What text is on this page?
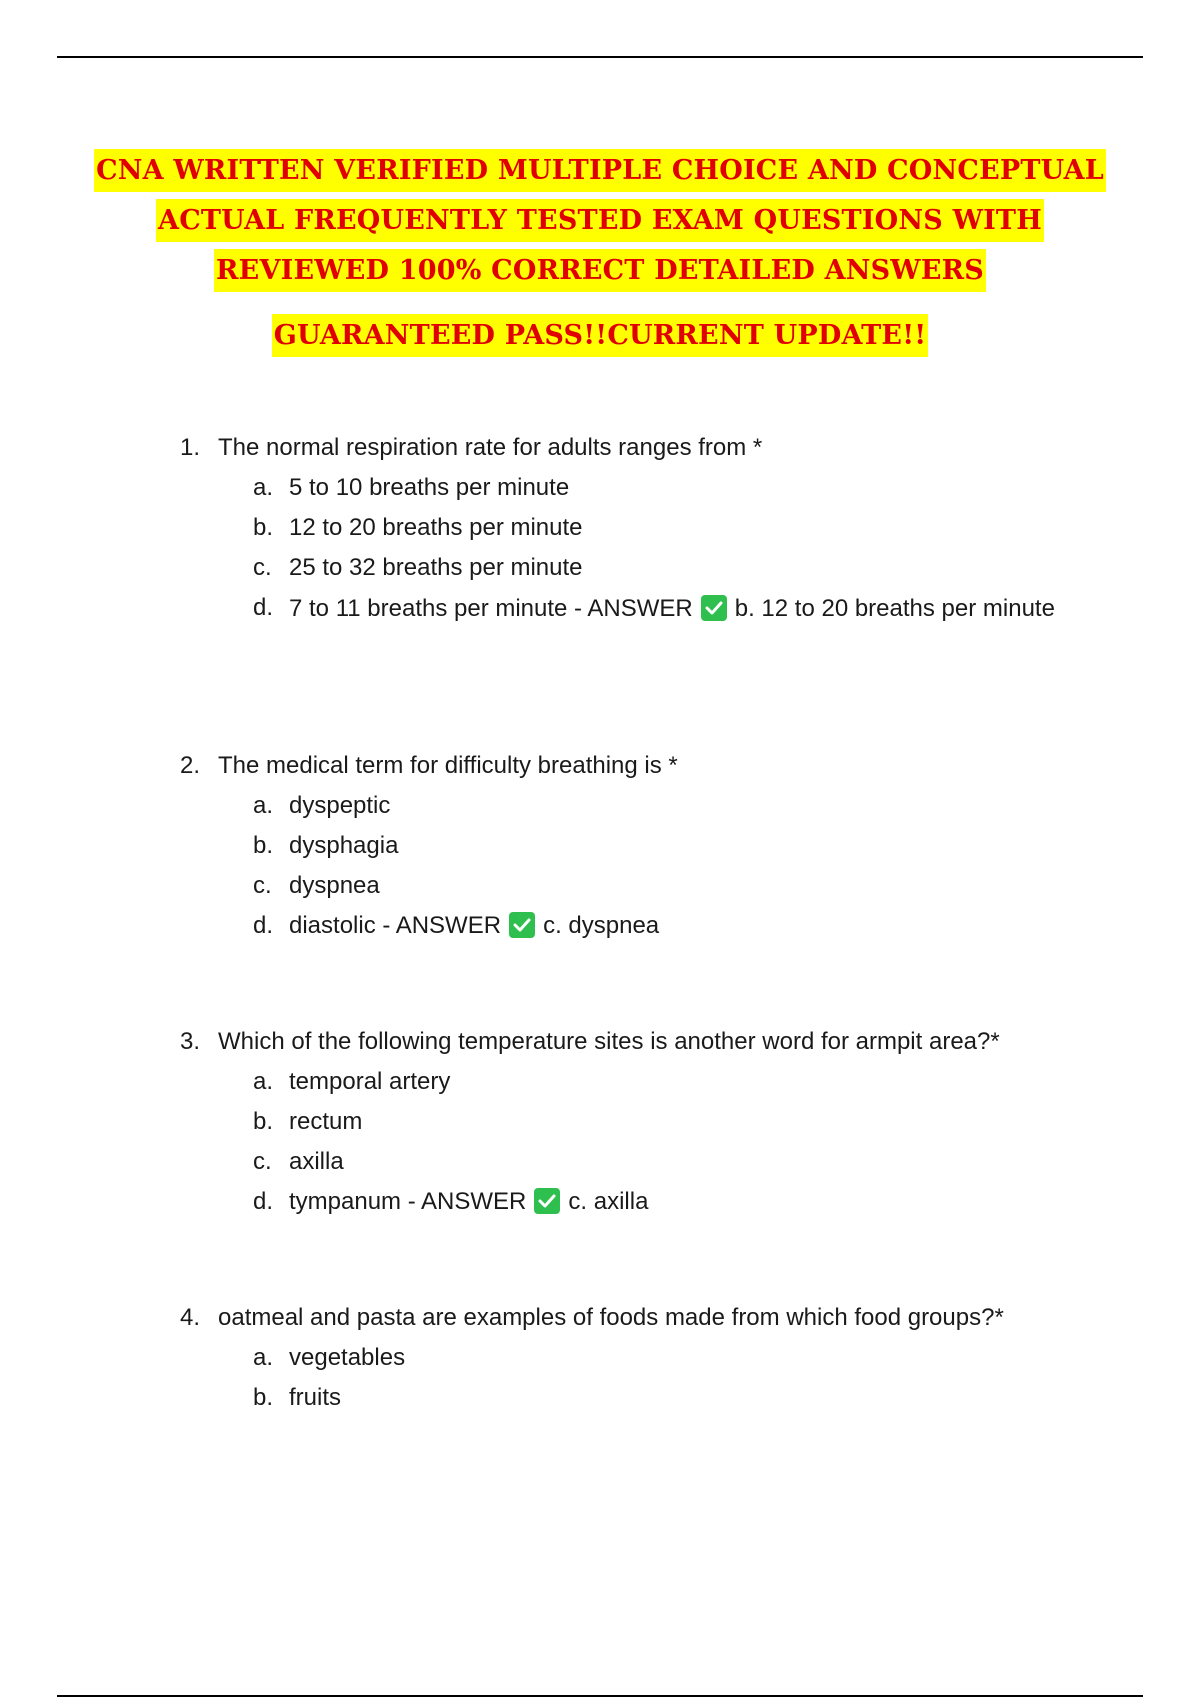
CNA WRITTEN VERIFIED MULTIPLE CHOICE AND CONCEPTUAL

ACTUAL FREQUENTLY TESTED EXAM QUESTIONS WITH

REVIEWED 100% CORRECT DETAILED ANSWERS

GUARANTEED PASS!!CURRENT UPDATE!!

1. The normal respiration rate for adults ranges from *
a. 5 to 10 breaths per minute
b. 12 to 20 breaths per minute
c. 25 to 32 breaths per minute
d. 7 to 11 breaths per minute - ANSWER b. 12 to 20 breaths per minute
2. The medical term for difficulty breathing is *
a. dyspeptic
b. dysphagia
c. dyspnea
d. diastolic - ANSWER c. dyspnea
3. Which of the following temperature sites is another word for armpit area?*
a. temporal artery
b. rectum
c. axilla
d. tympanum - ANSWER c. axilla
4. oatmeal and pasta are examples of foods made from which food groups?*
a. vegetables
b. fruits
